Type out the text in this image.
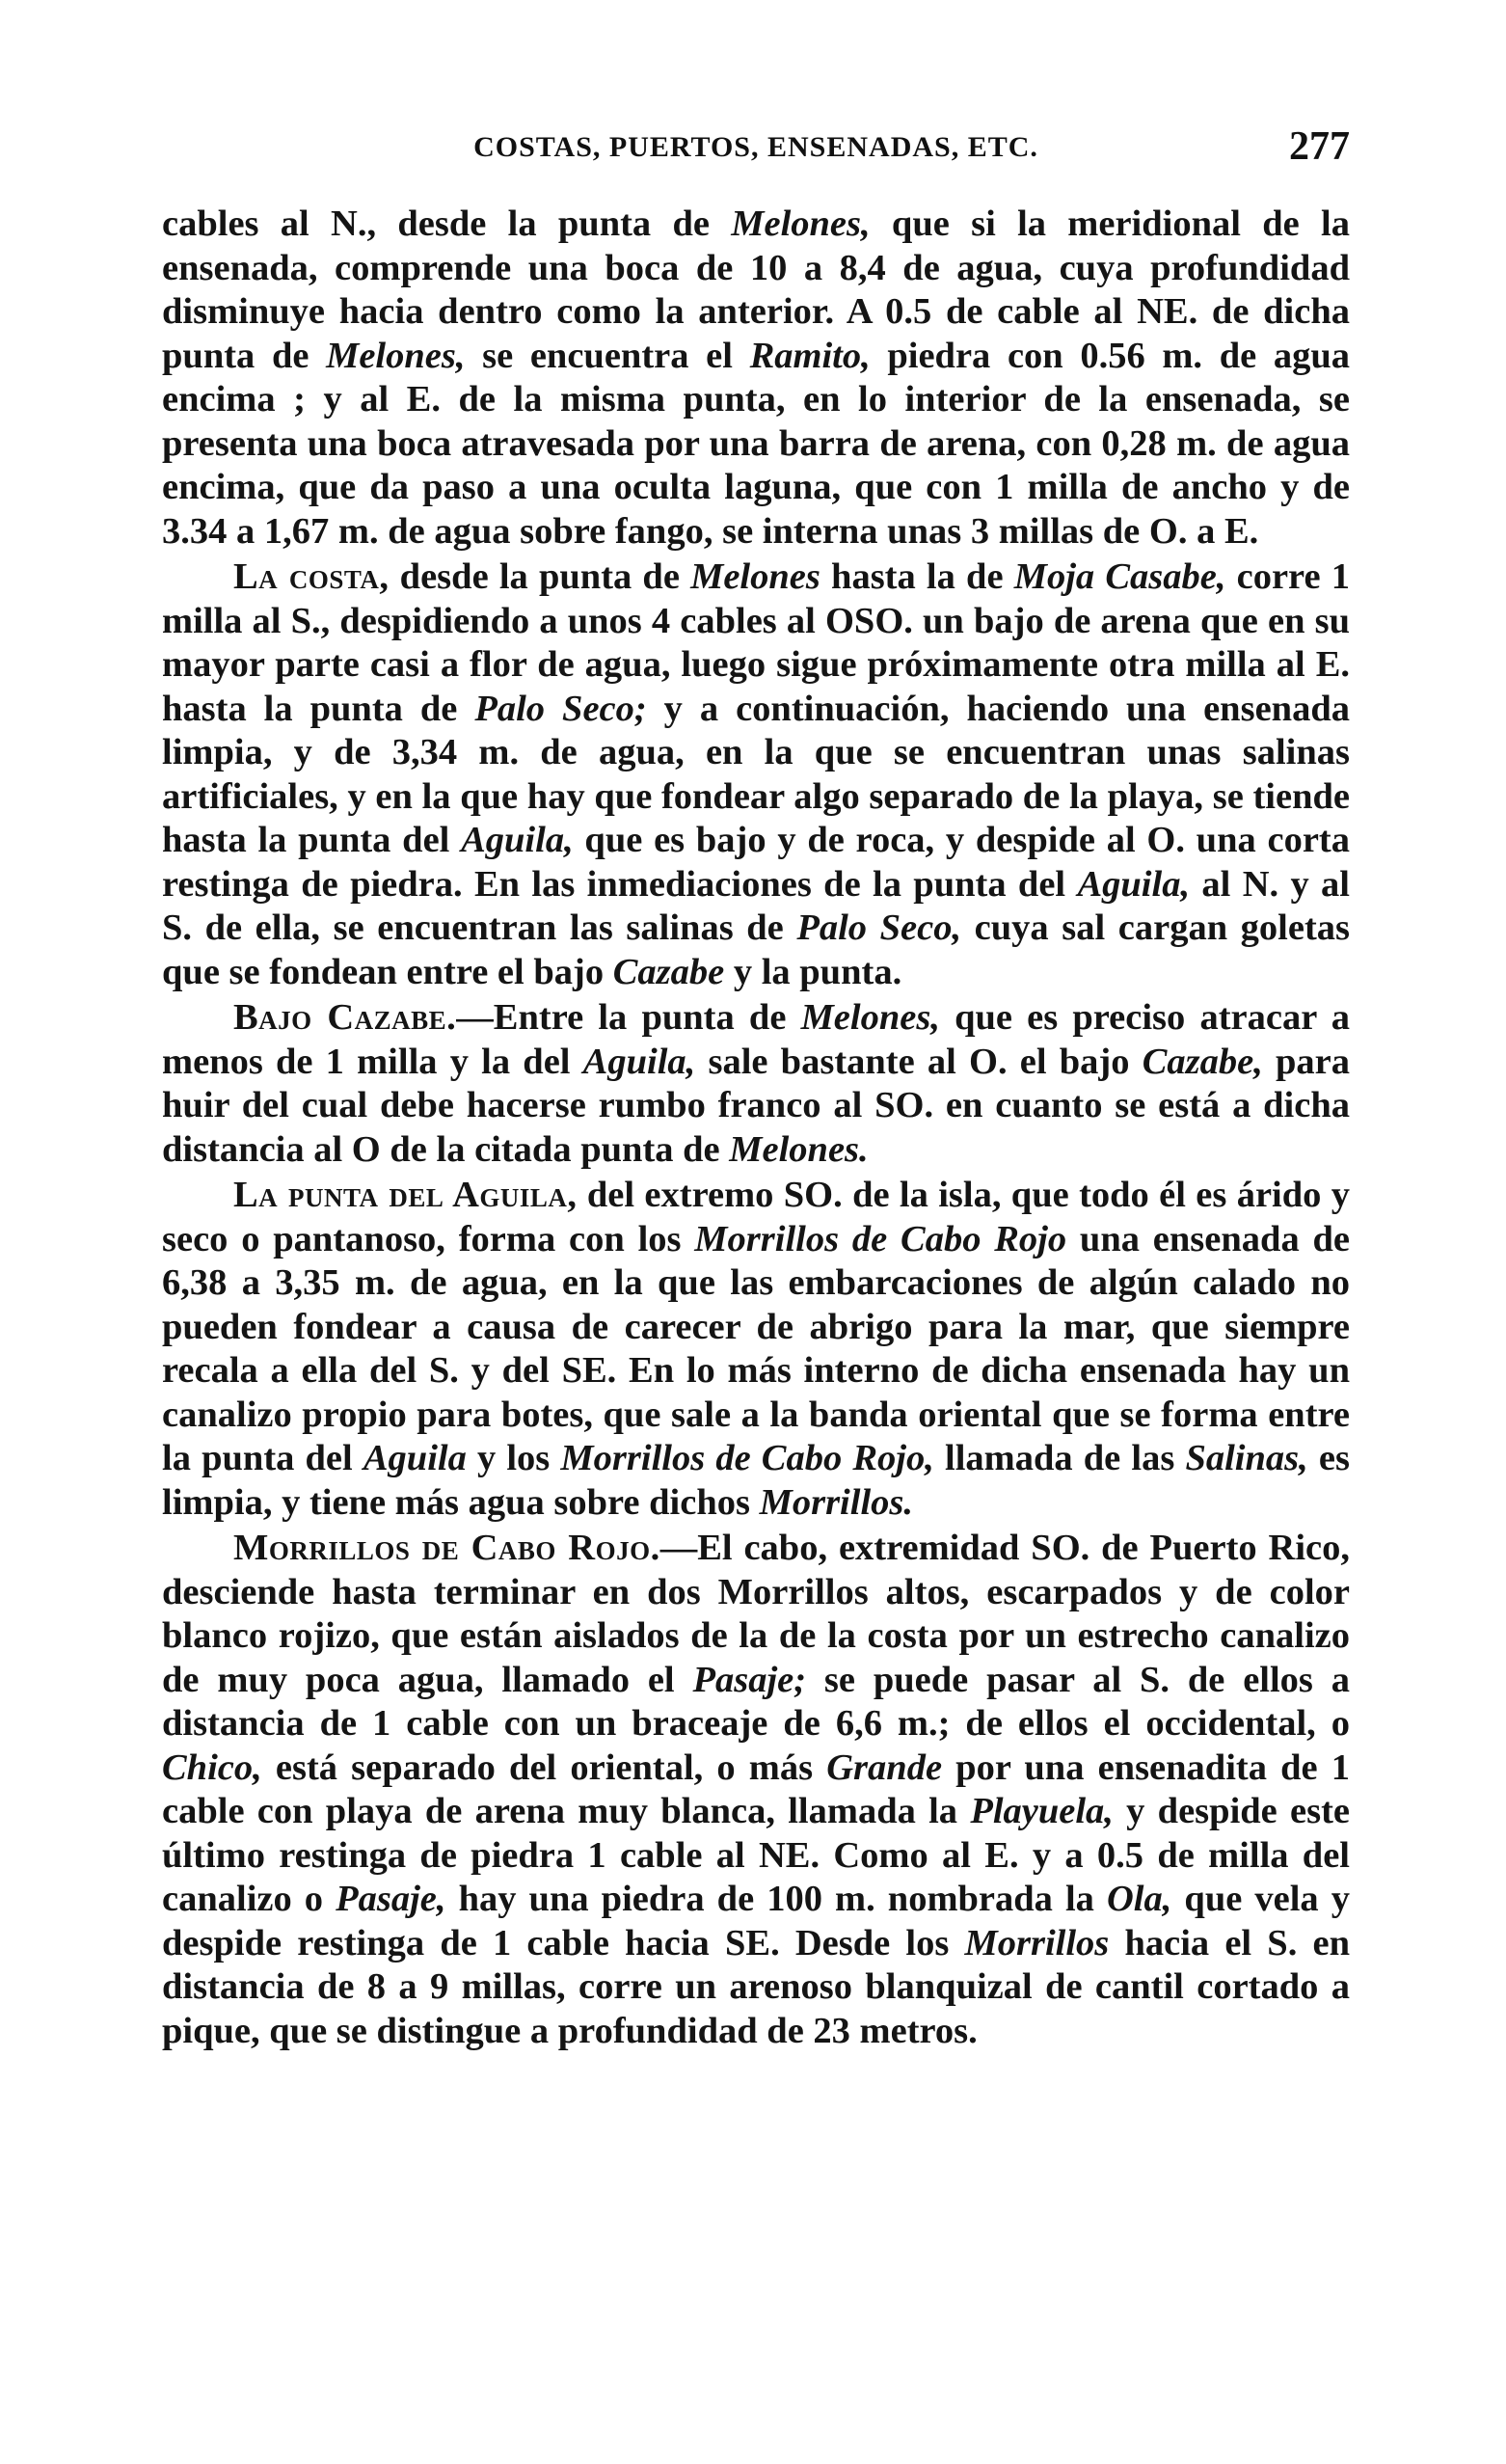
COSTAS, PUERTOS, ENSENADAS, ETC.	277

cables al N., desde la punta de Melones, que si la meridional de la ensenada, comprende una boca de 10 a 8,4 de agua, cuya profundidad disminuye hacia dentro como la anterior. A 0.5 de cable al NE. de dicha punta de Melones, se encuentra el Ramito, piedra con 0.56 m. de agua encima ; y al E. de la misma punta, en lo interior de la ensenada, se presenta una boca atravesada por una barra de arena, con 0,28 m. de agua encima, que da paso a una oculta laguna, que con 1 milla de ancho y de 3.34 a 1,67 m. de agua sobre fango, se interna unas 3 millas de O. a E.

La costa, desde la punta de Melones hasta la de Moja Casabe, corre 1 milla al S., despidiendo a unos 4 cables al OSO. un bajo de arena que en su mayor parte casi a flor de agua, luego sigue próximamente otra milla al E. hasta la punta de Palo Seco; y a continuación, haciendo una ensenada limpia, y de 3,34 m. de agua, en la que se encuentran unas salinas artificiales, y en la que hay que fondear algo separado de la playa, se tiende hasta la punta del Aguila, que es bajo y de roca, y despide al O. una corta restinga de piedra. En las inmediaciones de la punta del Aguila, al N. y al S. de ella, se encuentran las salinas de Palo Seco, cuya sal cargan goletas que se fondean entre el bajo Cazabe y la punta.

Bajo Cazabe.—Entre la punta de Melones, que es preciso atracar a menos de 1 milla y la del Aguila, sale bastante al O. el bajo Cazabe, para huir del cual debe hacerse rumbo franco al SO. en cuanto se está a dicha distancia al O de la citada punta de Melones.

La punta del Aguila, del extremo SO. de la isla, que todo él es árido y seco o pantanoso, forma con los Morrillos de Cabo Rojo una ensenada de 6,38 a 3,35 m. de agua, en la que las embarcaciones de algún calado no pueden fondear a causa de carecer de abrigo para la mar, que siempre recala a ella del S. y del SE. En lo más interno de dicha ensenada hay un canalizo propio para botes, que sale a la banda oriental que se forma entre la punta del Aguila y los Morrillos de Cabo Rojo, llamada de las Salinas, es limpia, y tiene más agua sobre dichos Morrillos.

Morrillos de Cabo Rojo.—El cabo, extremidad SO. de Puerto Rico, desciende hasta terminar en dos Morrillos altos, escarpados y de color blanco rojizo, que están aislados de la de la costa por un estrecho canalizo de muy poca agua, llamado el Pasaje; se puede pasar al S. de ellos a distancia de 1 cable con un braceaje de 6,6 m.; de ellos el occidental, o Chico, está separado del oriental, o más Grande por una ensenadita de 1 cable con playa de arena muy blanca, llamada la Playuela, y despide este último restinga de piedra 1 cable al NE. Como al E. y a 0.5 de milla del canalizo o Pasaje, hay una piedra de 100 m. nombrada la Ola, que vela y despide restinga de 1 cable hacia SE. Desde los Morrillos hacia el S. en distancia de 8 a 9 millas, corre un arenoso blanquizal de cantil cortado a pique, que se distingue a profundidad de 23 metros.
